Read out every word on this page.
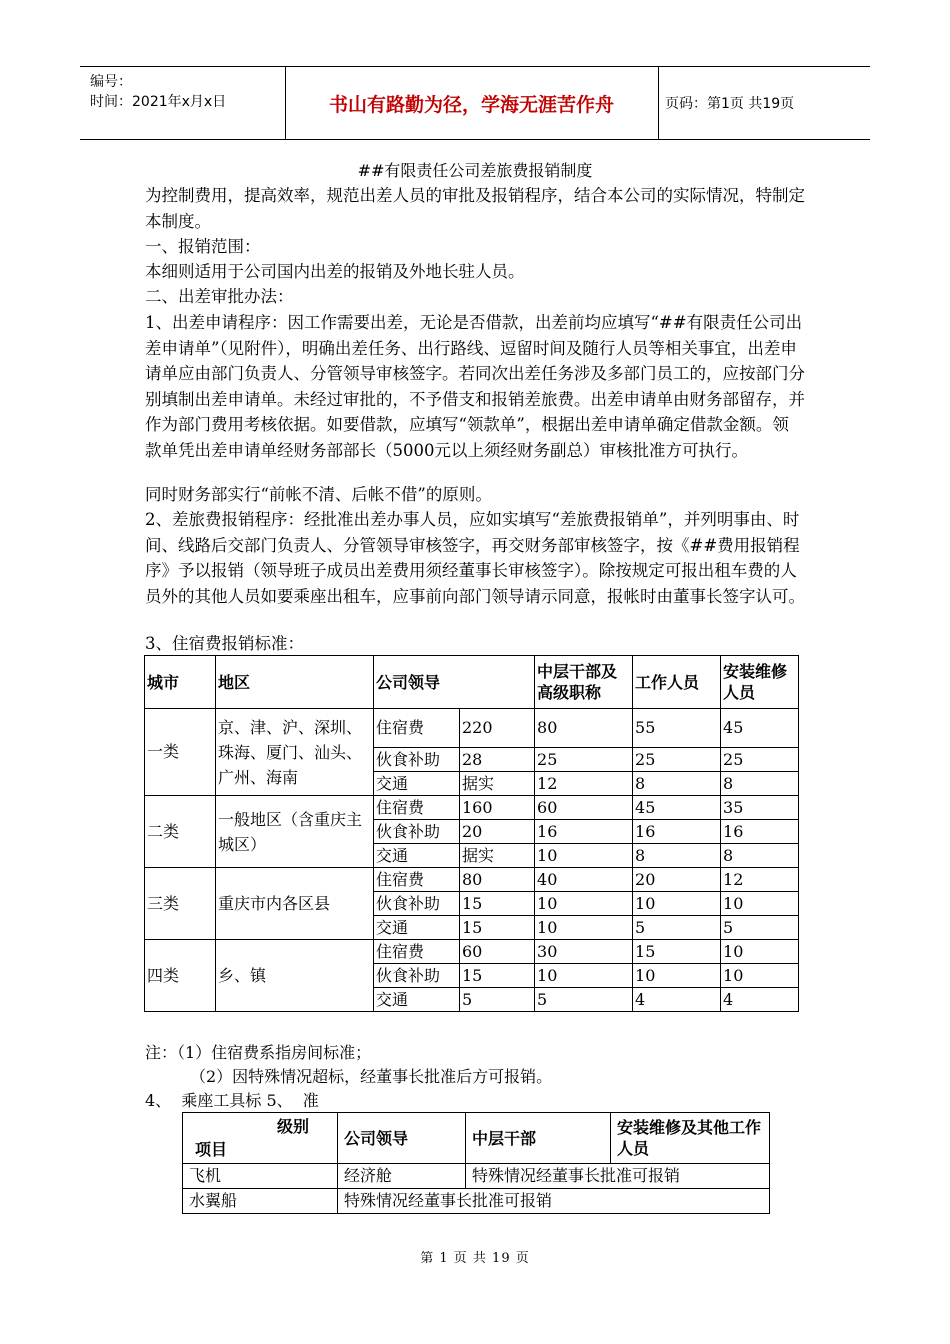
编号：
时间：2021年x月x日	书山有路勤为径，学海无涯苦作舟	页码：第1页 共19页
##有限责任公司差旅费报销制度
为控制费用，提高效率，规范出差人员的审批及报销程序，结合本公司的实际情况，特制定本制度。
一、报销范围：
本细则适用于公司国内出差的报销及外地长驻人员。
二、出差审批办法：
1、出差申请程序：因工作需要出差，无论是否借款，出差前均应填写“##有限责任公司出差申请单”（见附件），明确出差任务、出行路线、逗留时间及随行人员等相关事宜，出差申请单应由部门负责人、分管领导审核签字。若同次出差任务涉及多部门员工的，应按部门分别填制出差申请单。未经过审批的，不予借支和报销差旅费。出差申请单由财务部留存，并作为部门费用考核依据。如要借款，应填写“领款单”，根据出差申请单确定借款金额。领款单凭出差申请单经财务部部长（5000元以上须经财务副总）审核批准方可执行。
同时财务部实行“前帐不清、后帐不借”的原则。
2、差旅费报销程序：经批准出差办事人员，应如实填写“差旅费报销单”，并列明事由、时间、线路后交部门负责人、分管领导审核签字，再交财务部审核签字，按《##费用报销程序》予以报销（领导班子成员出差费用须经董事长审核签字）。除按规定可报出租车费的人员外的其他人员如要乘座出租车，应事前向部门领导请示同意，报帐时由董事长签字认可。
3、住宿费报销标准：
城市	地区	公司领导		中层干部及高级职称	工作人员	安装维修人员
一类	京、津、沪、深圳、珠海、厦门、汕头、广州、海南	住宿费	220	80	55	45
		伙食补助	28	25	25	25
		交通	据实	12	8	8
二类	一般地区（含重庆主城区）	住宿费	160	60	45	35
		伙食补助	20	16	16	16
		交通	据实	10	8	8
三类	重庆市内各区县	住宿费	80	40	20	12
		伙食补助	15	10	10	10
		交通	15	10	5	5
四类	乡、镇	住宿费	60	30	15	10
		伙食补助	15	10	10	10
		交通	5	5	4	4
注：（1）住宿费系指房间标准；
（2）因特殊情况超标，经董事长批准后方可报销。
4、  乘座工具标 5、  准
级别
项目	公司领导	中层干部	安装维修及其他工作人员
飞机	经济舱	特殊情况经董事长批准可报销	
水翼船	特殊情况经董事长批准可报销		
第 1 页 共 19 页
